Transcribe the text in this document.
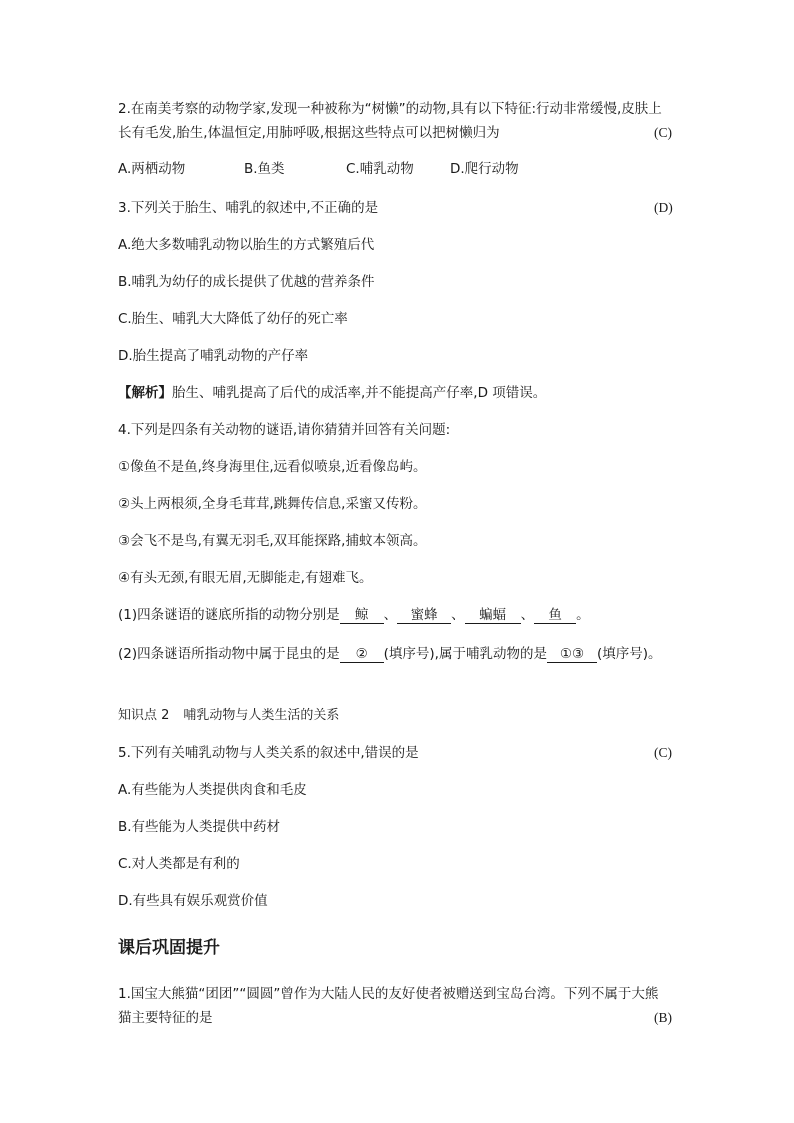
2.在南美考察的动物学家,发现一种被称为“树懒”的动物,具有以下特征:行动非常缓慢,皮肤上
长有毛发,胎生,体温恒定,用肺呼吸,根据这些特点可以把树懒归为	(C)
A.两栖动物	B.鱼类	C.哺乳动物	D.爬行动物
3.下列关于胎生、哺乳的叙述中,不正确的是	(D)
A.绝大多数哺乳动物以胎生的方式繁殖后代
B.哺乳为幼仔的成长提供了优越的营养条件
C.胎生、哺乳大大降低了幼仔的死亡率
D.胎生提高了哺乳动物的产仔率
【解析】胎生、哺乳提高了后代的成活率,并不能提高产仔率,D 项错误。
4.下列是四条有关动物的谜语,请你猜猜并回答有关问题:
①像鱼不是鱼,终身海里住,远看似喷泉,近看像岛屿。
②头上两根须,全身毛茸茸,跳舞传信息,采蜜又传粉。
③会飞不是鸟,有翼无羽毛,双耳能探路,捕蚊本领高。
④有头无颈,有眼无眉,无脚能走,有翅难飞。
(1)四条谜语的谜底所指的动物分别是 鲸 、 蜜蜂 、 蝙蝠 、 鱼 。
(2)四条谜语所指动物中属于昆虫的是 ② (填序号),属于哺乳动物的是 ①③ (填序号)。
知识点 2 哺乳动物与人类生活的关系
5.下列有关哺乳动物与人类关系的叙述中,错误的是	(C)
A.有些能为人类提供肉食和毛皮
B.有些能为人类提供中药材
C.对人类都是有利的
D.有些具有娱乐观赏价值
课后巩固提升
1.国宝大熊猫“团团”“圆圆”曾作为大陆人民的友好使者被赠送到宝岛台湾。下列不属于大熊
猫主要特征的是	(B)
